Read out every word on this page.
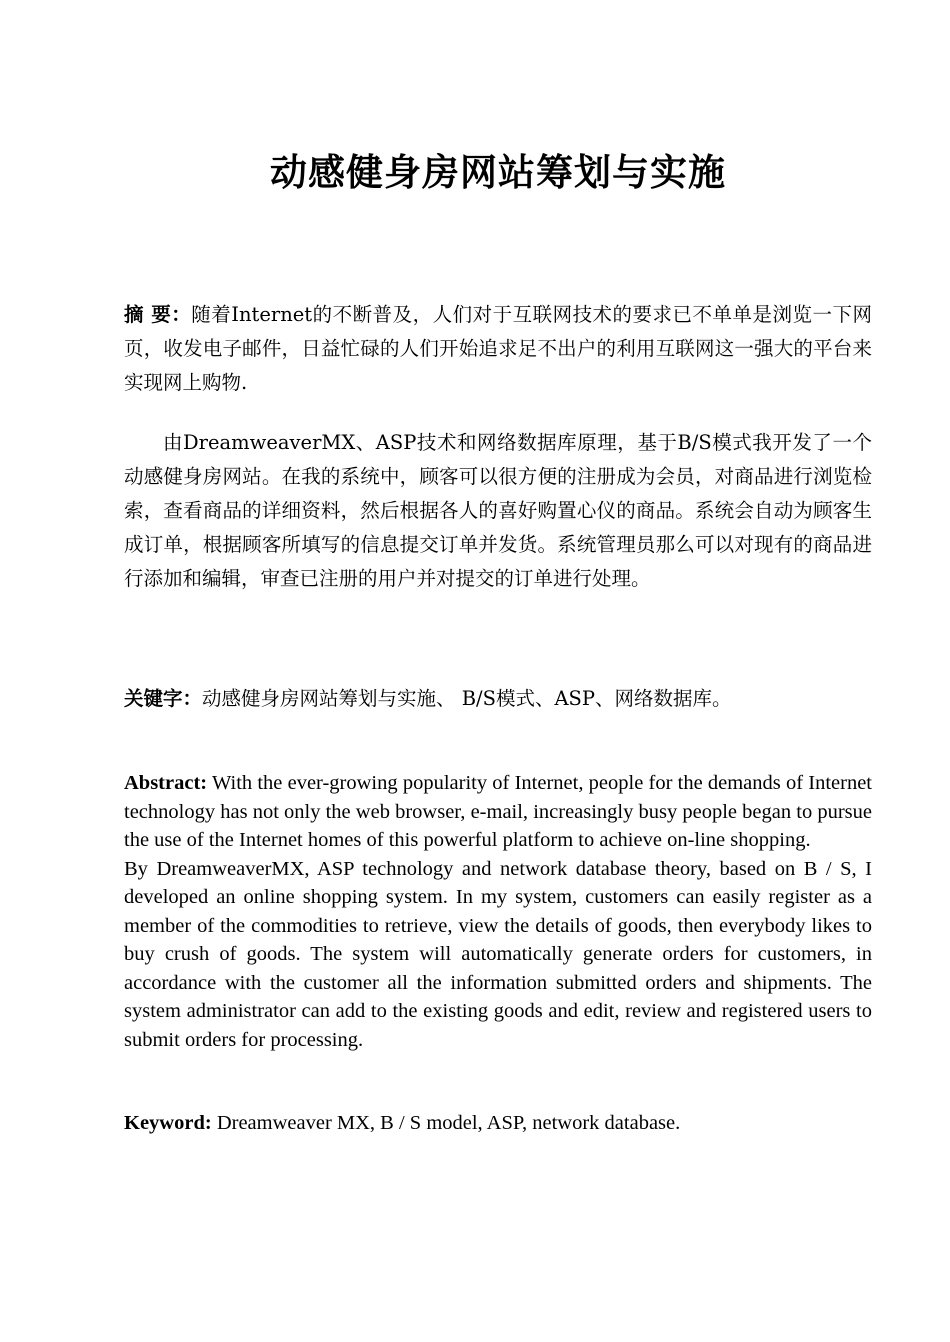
动感健身房网站筹划与实施

摘 要：随着Internet的不断普及，人们对于互联网技术的要求已不单单是浏览一下网页，收发电子邮件，日益忙碌的人们开始追求足不出户的利用互联网这一强大的平台来实现网上购物.

由DreamweaverMX、ASP技术和网络数据库原理，基于B/S模式我开发了一个动感健身房网站。在我的系统中，顾客可以很方便的注册成为会员，对商品进行浏览检索，查看商品的详细资料，然后根据各人的喜好购置心仪的商品。系统会自动为顾客生成订单，根据顾客所填写的信息提交订单并发货。系统管理员那么可以对现有的商品进行添加和编辑，审查已注册的用户并对提交的订单进行处理。

关键字：动感健身房网站筹划与实施、 B/S模式、ASP、网络数据库。

Abstract: With the ever-growing popularity of Internet, people for the demands of Internet technology has not only the web browser, e-mail, increasingly busy people began to pursue the use of the Internet homes of this powerful platform to achieve on-line shopping.

By DreamweaverMX, ASP technology and network database theory, based on B / S, I developed an online shopping system. In my system, customers can easily register as a member of the commodities to retrieve, view the details of goods, then everybody likes to buy crush of goods. The system will automatically generate orders for customers, in accordance with the customer all the information submitted orders and shipments. The system administrator can add to the existing goods and edit, review and registered users to submit orders for processing.

Keyword: Dreamweaver MX, B / S model, ASP, network database.
